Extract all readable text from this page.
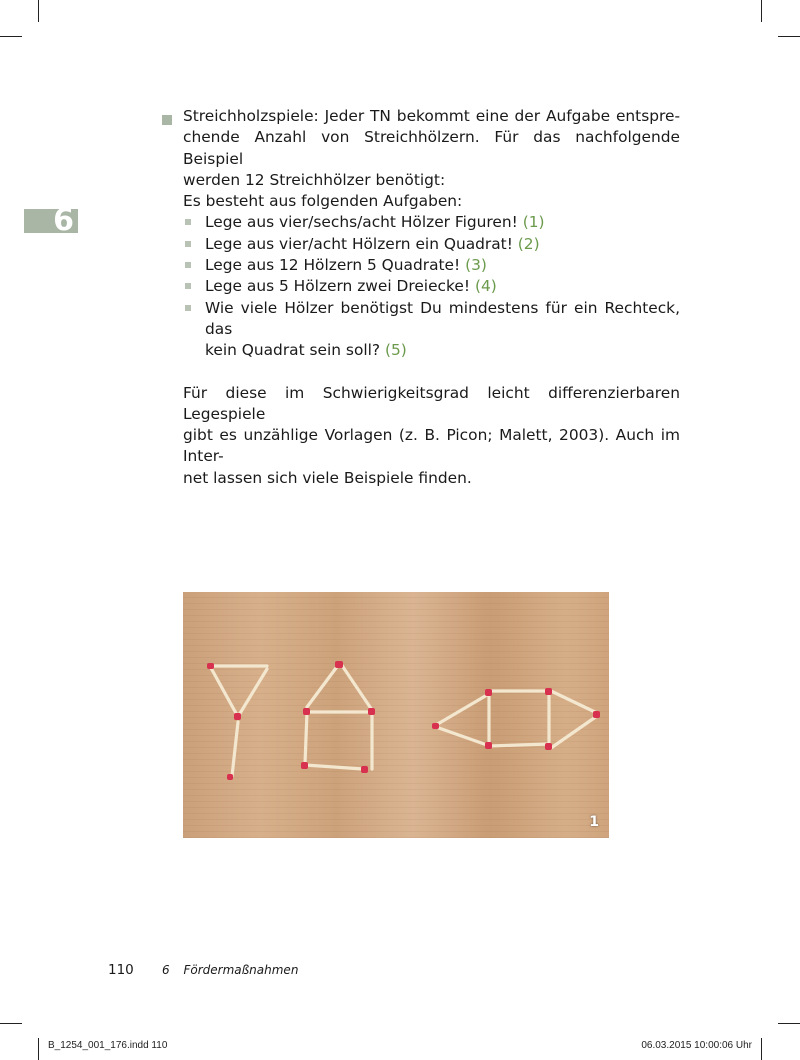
6
Streichholzspiele: Jeder TN bekommt eine der Aufgabe entspre-
chende Anzahl von Streichhölzern. Für das nachfolgende Beispiel
werden 12 Streichhölzer benötigt:
Es besteht aus folgenden Aufgaben:
Lege aus vier/sechs/acht Hölzer Figuren! (1)
Lege aus vier/acht Hölzern ein Quadrat! (2)
Lege aus 12 Hölzern 5 Quadrate! (3)
Lege aus 5 Hölzern zwei Dreiecke! (4)
Wie viele Hölzer benötigst Du mindestens für ein Rechteck, das
kein Quadrat sein soll? (5)
Für diese im Schwierigkeitsgrad leicht differenzierbaren Legespiele
gibt es unzählige Vorlagen (z. B. Picon; Malett, 2003). Auch im Inter-
net lassen sich viele Beispiele finden.
1
110	6 Fördermaßnahmen
B_1254_001_176.indd 110	06.03.2015 10:00:06 Uhr
